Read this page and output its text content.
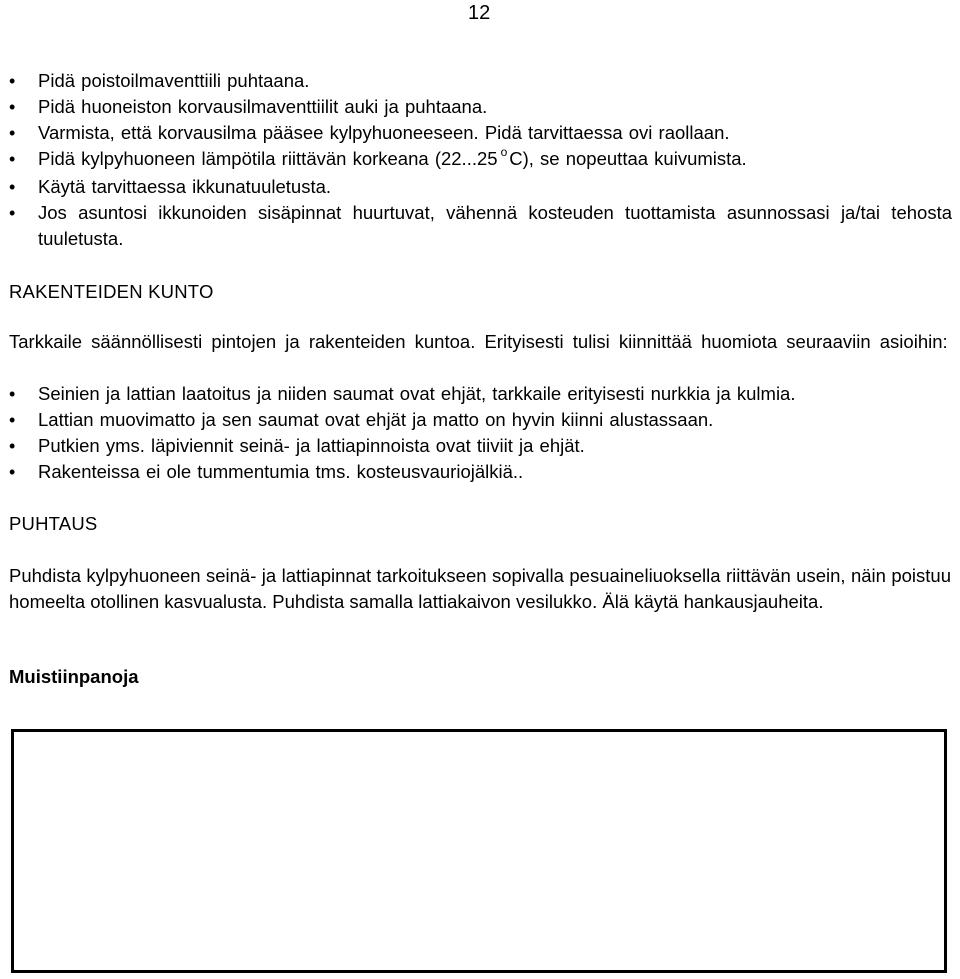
12
• Pidä poistoilmaventtiili puhtaana.
• Pidä huoneiston korvausilmaventtiilit auki ja puhtaana.
• Varmista, että korvausilma pääsee kylpyhuoneeseen. Pidä tarvittaessa ovi raollaan.
• Pidä kylpyhuoneen lämpötila riittävän korkeana (22...25 $^o$ C), se nopeuttaa kuivumista.
• Käytä tarvittaessa ikkunatuuletusta.
• Jos asuntosi ikkunoiden sisäpinnat huurtuvat, vähennä kosteuden tuottamista asunnossasi ja/tai tehosta tuuletusta.
RAKENTEIDEN KUNTO

Tarkkaile säännöllisesti pintojen ja rakenteiden kuntoa. Erityisesti tulisi kiinnittää huomiota seuraaviin asioihin:

• Seinien ja lattian laatoitus ja niiden saumat ovat ehjät, tarkkaile erityisesti nurkkia ja kulmia.
• Lattian muovimatto ja sen saumat ovat ehjät ja matto on hyvin kiinni alustassaan.
• Putkien yms. läpiviennit seinä- ja lattiapinnoista ovat tiiviit ja ehjät.
• Rakenteissa ei ole tummentumia tms. kosteusvauriojälkiä..
PUHTAUS

Puhdista kylpyhuoneen seinä- ja lattiapinnat tarkoitukseen sopivalla pesuaineliuoksella riittävän usein, näin poistuu homeelta otollinen kasvualusta. Puhdista samalla lattiakaivon vesilukko. Älä käytä hankausjauheita.

Muistiinpanoja
